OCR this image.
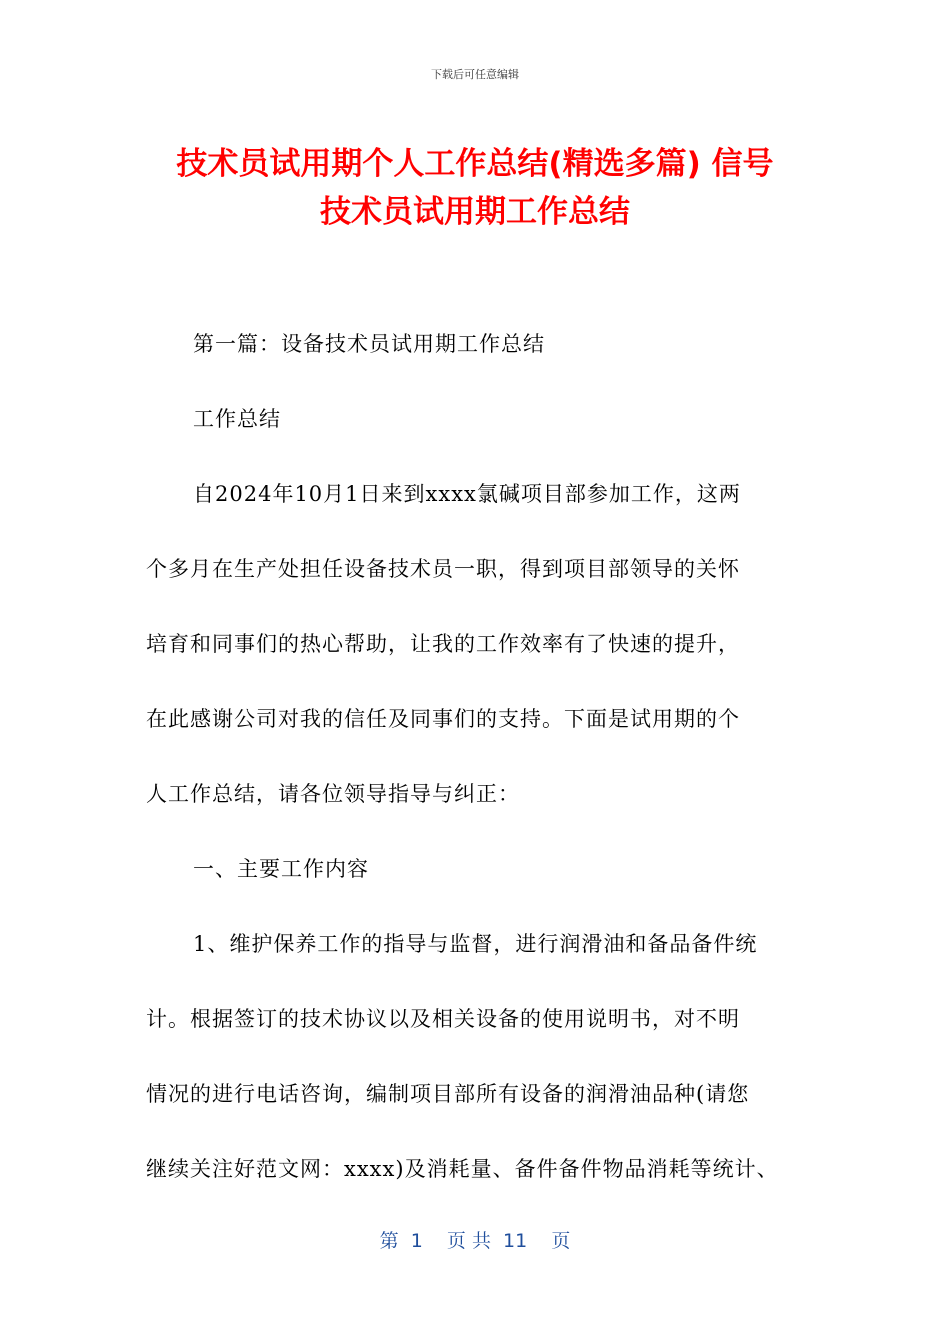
下载后可任意编辑
技术员试用期个人工作总结(精选多篇) 信号
技术员试用期工作总结
第一篇：设备技术员试用期工作总结
工作总结
自2024年10月1日来到xxxx氯碱项目部参加工作，这两
个多月在生产处担任设备技术员一职，得到项目部领导的关怀
培育和同事们的热心帮助，让我的工作效率有了快速的提升，
在此感谢公司对我的信任及同事们的支持。下面是试用期的个
人工作总结，请各位领导指导与纠正：
一、主要工作内容
1、维护保养工作的指导与监督，进行润滑油和备品备件统
计。根据签订的技术协议以及相关设备的使用说明书，对不明
情况的进行电话咨询，编制项目部所有设备的润滑油品种(请您
继续关注好范文网：xxxx)及消耗量、备件备件物品消耗等统计、
第  1    页 共  11    页
